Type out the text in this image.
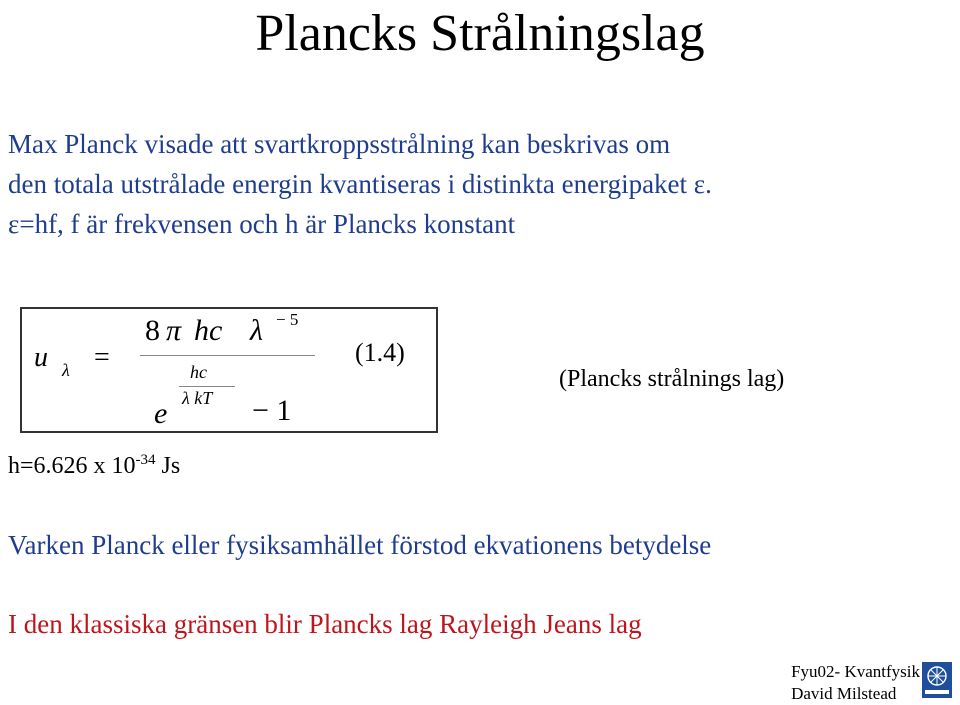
Plancks Strålningslag
Max Planck visade att svartkroppsstrålning kan beskrivas om
den totala utstrålade energin kvantiseras i distinkta energipaket ε.
ε=hf, f är frekvensen och h är Plancks konstant
u λ =
8 π hc λ − 5
hc
λ kT
e	− 1
(1.4)
(Plancks strålnings lag)
h=6.626 x $10^{-34}$ Js
Varken Planck eller fysiksamhället förstod ekvationens betydelse
I den klassiska gränsen blir Plancks lag Rayleigh Jeans lag
Fyu02- Kvantfysik
David Milstead
